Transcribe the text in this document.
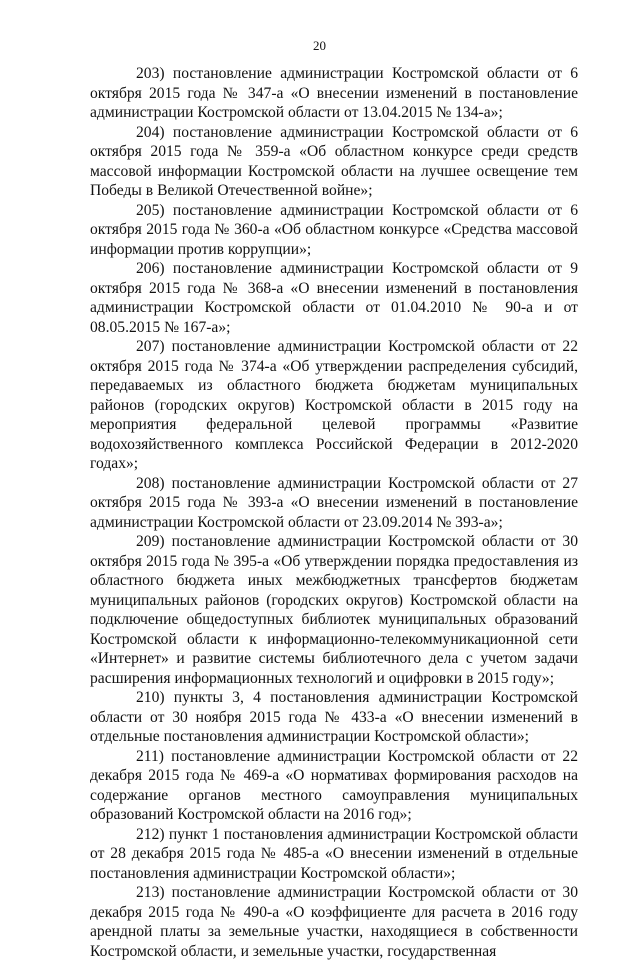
20

203) постановление администрации Костромской области от 6 октября 2015 года № 347-а «О внесении изменений в постановление администрации Костромской области от 13.04.2015 № 134-а»;

204) постановление администрации Костромской области от 6 октября 2015 года № 359-а «Об областном конкурсе среди средств массовой информации Костромской области на лучшее освещение тем Победы в Великой Отечественной войне»;

205) постановление администрации Костромской области от 6 октября 2015 года № 360-а «Об областном конкурсе «Средства массовой информации против коррупции»;

206) постановление администрации Костромской области от 9 октября 2015 года № 368-а «О внесении изменений в постановления администрации Костромской области от 01.04.2010 № 90-а и от 08.05.2015 № 167-а»;

207) постановление администрации Костромской области от 22 октября 2015 года № 374-а «Об утверждении распределения субсидий, передаваемых из областного бюджета бюджетам муниципальных районов (городских округов) Костромской области в 2015 году на мероприятия федеральной целевой программы «Развитие водохозяйственного комплекса Российской Федерации в 2012-2020 годах»;

208) постановление администрации Костромской области от 27 октября 2015 года № 393-а «О внесении изменений в постановление администрации Костромской области от 23.09.2014 № 393-а»;

209) постановление администрации Костромской области от 30 октября 2015 года № 395-а «Об утверждении порядка предоставления из областного бюджета иных межбюджетных трансфертов бюджетам муниципальных районов (городских округов) Костромской области на подключение общедоступных библиотек муниципальных образований Костромской области к информационно-телекоммуникационной сети «Интернет» и развитие системы библиотечного дела с учетом задачи расширения информационных технологий и оцифровки в 2015 году»;

210) пункты 3, 4 постановления администрации Костромской области от 30 ноября 2015 года № 433-а «О внесении изменений в отдельные постановления администрации Костромской области»;

211) постановление администрации Костромской области от 22 декабря 2015 года № 469-а «О нормативах формирования расходов на содержание органов местного самоуправления муниципальных образований Костромской области на 2016 год»;

212) пункт 1 постановления администрации Костромской области от 28 декабря 2015 года № 485-а «О внесении изменений в отдельные постановления администрации Костромской области»;

213) постановление администрации Костромской области от 30 декабря 2015 года № 490-а «О коэффициенте для расчета в 2016 году арендной платы за земельные участки, находящиеся в собственности Костромской области, и земельные участки, государственная
